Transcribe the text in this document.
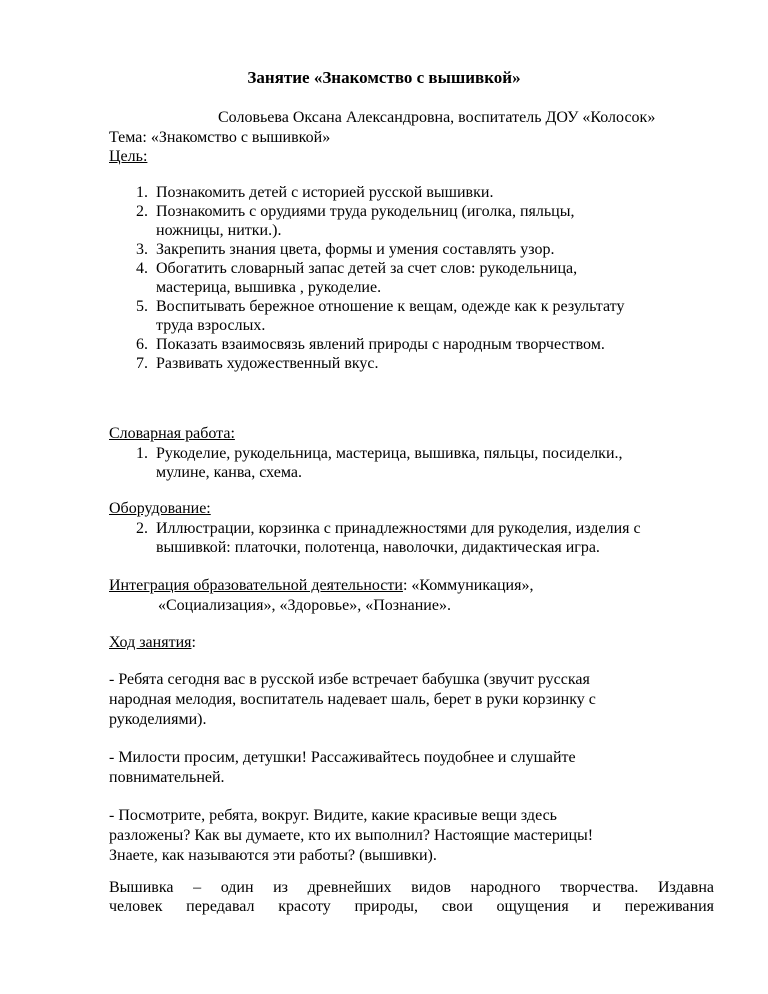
Занятие «Знакомство с вышивкой»
Соловьева Оксана Александровна, воспитатель ДОУ «Колосок»
Тема: «Знакомство с вышивкой»
Цель:
1. Познакомить детей с историей русской вышивки.
2. Познакомить с орудиями труда рукодельниц (иголка, пяльцы,
ножницы, нитки.).
3. Закрепить знания цвета, формы и умения составлять узор.
4. Обогатить словарный запас детей за счет слов: рукодельница,
мастерица, вышивка , рукоделие.
5. Воспитывать бережное отношение к вещам, одежде как к результату
труда взрослых.
6. Показать взаимосвязь явлений природы с народным творчеством.
7. Развивать художественный вкус.
Словарная работа:
1. Рукоделие, рукодельница, мастерица, вышивка, пяльцы, посиделки.,
мулине, канва, схема.
Оборудование:
2. Иллюстрации, корзинка с принадлежностями для рукоделия, изделия с
вышивкой: платочки, полотенца, наволочки, дидактическая игра.
Интеграция образовательной деятельности: «Коммуникация»,
«Социализация», «Здоровье», «Познание».
Ход занятия:
- Ребята сегодня вас в русской избе встречает бабушка (звучит русская
народная мелодия, воспитатель надевает шаль, берет в руки корзинку с
рукоделиями).
- Милости просим, детушки! Рассаживайтесь поудобнее и слушайте
повнимательней.
- Посмотрите, ребята, вокруг. Видите, какие красивые вещи здесь
разложены? Как вы думаете, кто их выполнил? Настоящие мастерицы!
Знаете, как называются эти работы? (вышивки).
Вышивка – один из древнейших видов народного творчества. Издавна
человек передавал красоту природы, свои ощущения и переживания
